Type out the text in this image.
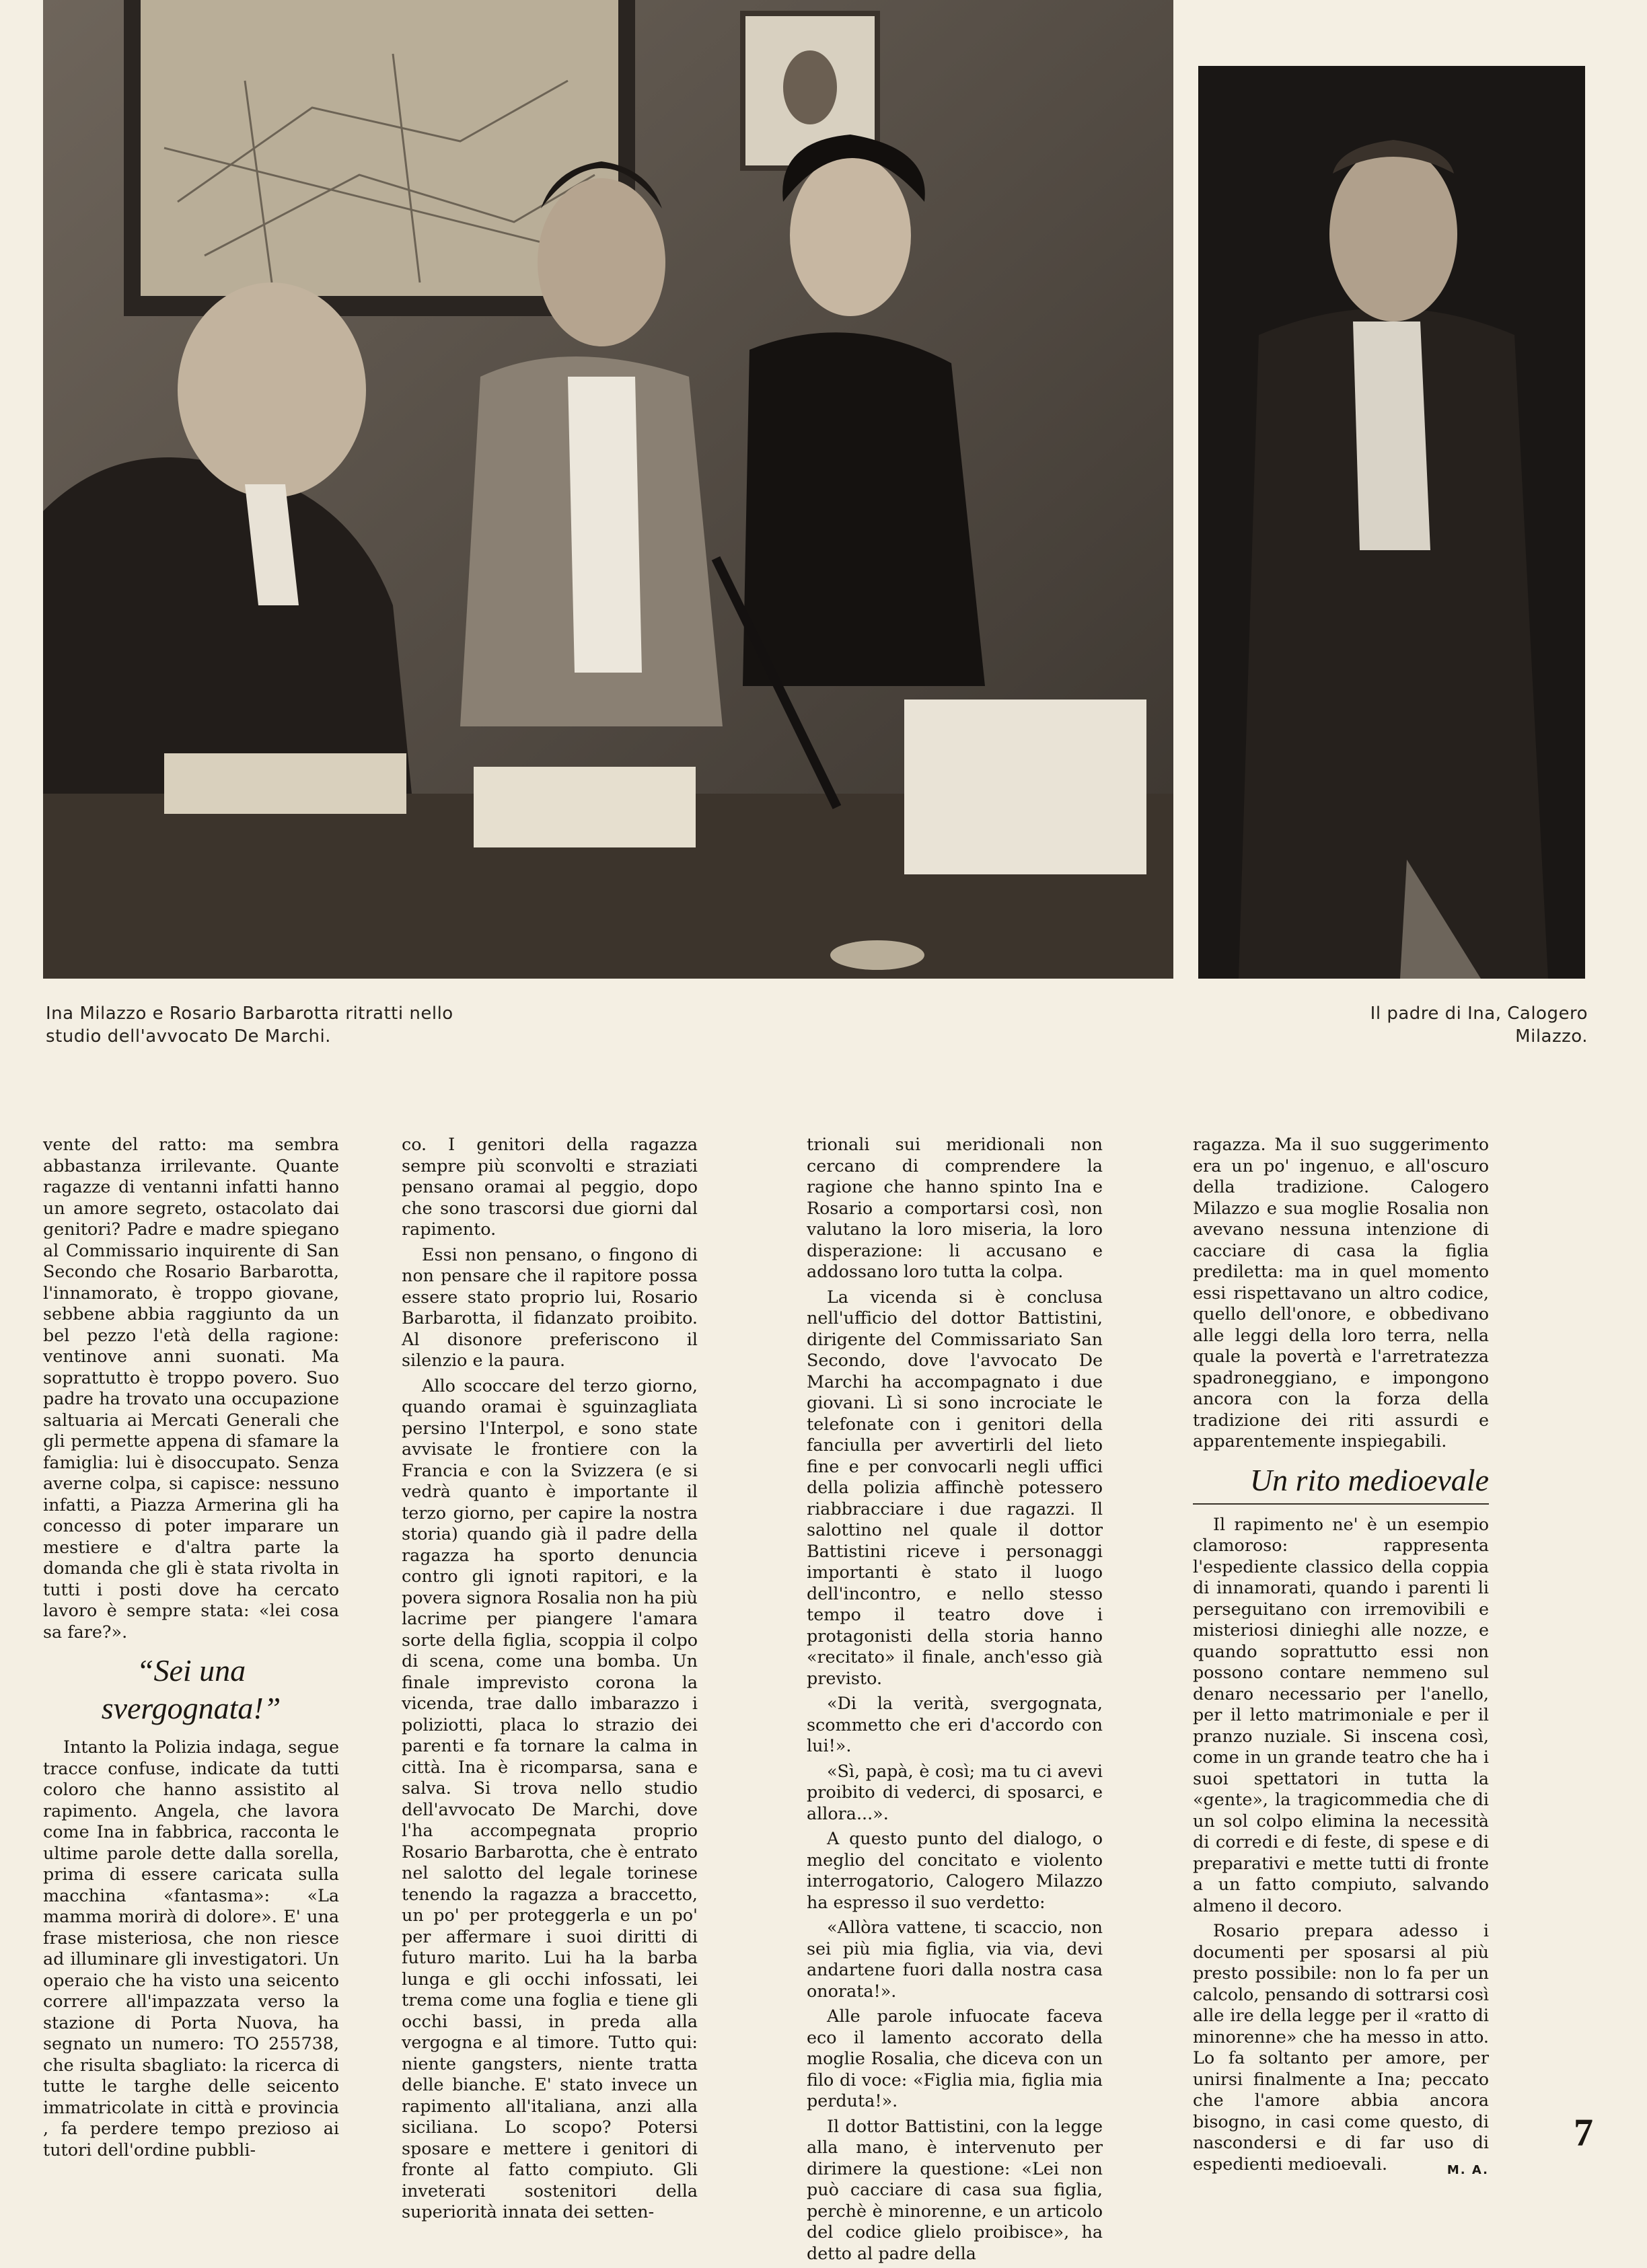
Ina Milazzo e Rosario Barbarotta ritratti nello studio dell'avvocato De Marchi.
Il padre di Ina, Calogero Milazzo.

vente del ratto: ma sembra abbastanza irrilevante. Quante ragazze di ventanni infatti hanno un amore segreto, ostacolato dai genitori? Padre e madre spiegano al Commissario inquirente di San Secondo che Rosario Barbarotta, l'innamorato, è troppo giovane, sebbene abbia raggiunto da un bel pezzo l'età della ragione: ventinove anni suonati. Ma soprattutto è troppo povero. Suo padre ha trovato una occupazione saltuaria ai Mercati Generali che gli permette appena di sfamare la famiglia: lui è disoccupato. Senza averne colpa, si capisce: nessuno infatti, a Piazza Armerina gli ha concesso di poter imparare un mestiere e d'altra parte la domanda che gli è stata rivolta in tutti i posti dove ha cercato lavoro è sempre stata: «lei cosa sa fare?».

“Sei una svergognata!”

Intanto la Polizia indaga, segue tracce confuse, indicate da tutti coloro che hanno assistito al rapimento. Angela, che lavora come Ina in fabbrica, racconta le ultime parole dette dalla sorella, prima di essere caricata sulla macchina «fantasma»: «La mamma morirà di dolore». E' una frase misteriosa, che non riesce ad illuminare gli investigatori. Un operaio che ha visto una seicento correre all'impazzata verso la stazione di Porta Nuova, ha segnato un numero: TO 255738, che risulta sbagliato: la ricerca di tutte le targhe delle seicento immatricolate in città e provincia , fa perdere tempo prezioso ai tutori dell'ordine pubbli-

co. I genitori della ragazza sempre più sconvolti e straziati pensano oramai al peggio, dopo che sono trascorsi due giorni dal rapimento.

Essi non pensano, o fingono di non pensare che il rapitore possa essere stato proprio lui, Rosario Barbarotta, il fidanzato proibito. Al disonore preferiscono il silenzio e la paura.

Allo scoccare del terzo giorno, quando oramai è sguinzagliata persino l'Interpol, e sono state avvisate le frontiere con la Francia e con la Svizzera (e si vedrà quanto è importante il terzo giorno, per capire la nostra storia) quando già il padre della ragazza ha sporto denuncia contro gli ignoti rapitori, e la povera signora Rosalia non ha più lacrime per piangere l'amara sorte della figlia, scoppia il colpo di scena, come una bomba. Un finale imprevisto corona la vicenda, trae dallo imbarazzo i poliziotti, placa lo strazio dei parenti e fa tornare la calma in città. Ina è ricomparsa, sana e salva. Si trova nello studio dell'avvocato De Marchi, dove l'ha accompegnata proprio Rosario Barbarotta, che è entrato nel salotto del legale torinese tenendo la ragazza a braccetto, un po' per proteggerla e un po' per affermare i suoi diritti di futuro marito. Lui ha la barba lunga e gli occhi infossati, lei trema come una foglia e tiene gli occhi bassi, in preda alla vergogna e al timore. Tutto qui: niente gangsters, niente tratta delle bianche. E' stato invece un rapimento all'italiana, anzi alla siciliana. Lo scopo? Potersi sposare e mettere i genitori di fronte al fatto compiuto. Gli inveterati sostenitori della superiorità innata dei setten-

trionali sui meridionali non cercano di comprendere la ragione che hanno spinto Ina e Rosario a comportarsi così, non valutano la loro miseria, la loro disperazione: li accusano e addossano loro tutta la colpa.

La vicenda si è conclusa nell'ufficio del dottor Battistini, dirigente del Commissariato San Secondo, dove l'avvocato De Marchi ha accompagnato i due giovani. Lì si sono incrociate le telefonate con i genitori della fanciulla per avvertirli del lieto fine e per convocarli negli uffici della polizia affinchè potessero riabbracciare i due ragazzi. Il salottino nel quale il dottor Battistini riceve i personaggi importanti è stato il luogo dell'incontro, e nello stesso tempo il teatro dove i protagonisti della storia hanno «recitato» il finale, anch'esso già previsto.

«Di la verità, svergognata, scommetto che eri d'accordo con lui!».

«Sì, papà, è così; ma tu ci avevi proibito di vederci, di sposarci, e allora...».

A questo punto del dialogo, o meglio del concitato e violento interrogatorio, Calogero Milazzo ha espresso il suo verdetto:

«Allòra vattene, ti scaccio, non sei più mia figlia, via via, devi andartene fuori dalla nostra casa onorata!».

Alle parole infuocate faceva eco il lamento accorato della moglie Rosalia, che diceva con un filo di voce: «Figlia mia, figlia mia perduta!».

Il dottor Battistini, con la legge alla mano, è intervenuto per dirimere la questione: «Lei non può cacciare di casa sua figlia, perchè è minorenne, e un articolo del codice glielo proibisce», ha detto al padre della

ragazza. Ma il suo suggerimento era un po' ingenuo, e all'oscuro della tradizione. Calogero Milazzo e sua moglie Rosalia non avevano nessuna intenzione di cacciare di casa la figlia prediletta: ma in quel momento essi rispettavano un altro codice, quello dell'onore, e obbedivano alle leggi della loro terra, nella quale la povertà e l'arretratezza spadroneggiano, e impongono ancora con la forza della tradizione dei riti assurdi e apparentemente inspiegabili.

Un rito medioevale

Il rapimento ne' è un esempio clamoroso: rappresenta l'espediente classico della coppia di innamorati, quando i parenti li perseguitano con irremovibili e misteriosi dinieghi alle nozze, e quando soprattutto essi non possono contare nemmeno sul denaro necessario per l'anello, per il letto matrimoniale e per il pranzo nuziale. Si inscena così, come in un grande teatro che ha i suoi spettatori in tutta la «gente», la tragicommedia che di un sol colpo elimina la necessità di corredi e di feste, di spese e di preparativi e mette tutti di fronte a un fatto compiuto, salvando almeno il decoro.

Rosario prepara adesso i documenti per sposarsi al più presto possibile: non lo fa per un calcolo, pensando di sottrarsi così alle ire della legge per il «ratto di minorenne» che ha messo in atto. Lo fa soltanto per amore, per unirsi finalmente a Ina; peccato che l'amore abbia ancora bisogno, in casi come questo, di nascondersi e di far uso di espedienti medioevali.	M. A.
7
